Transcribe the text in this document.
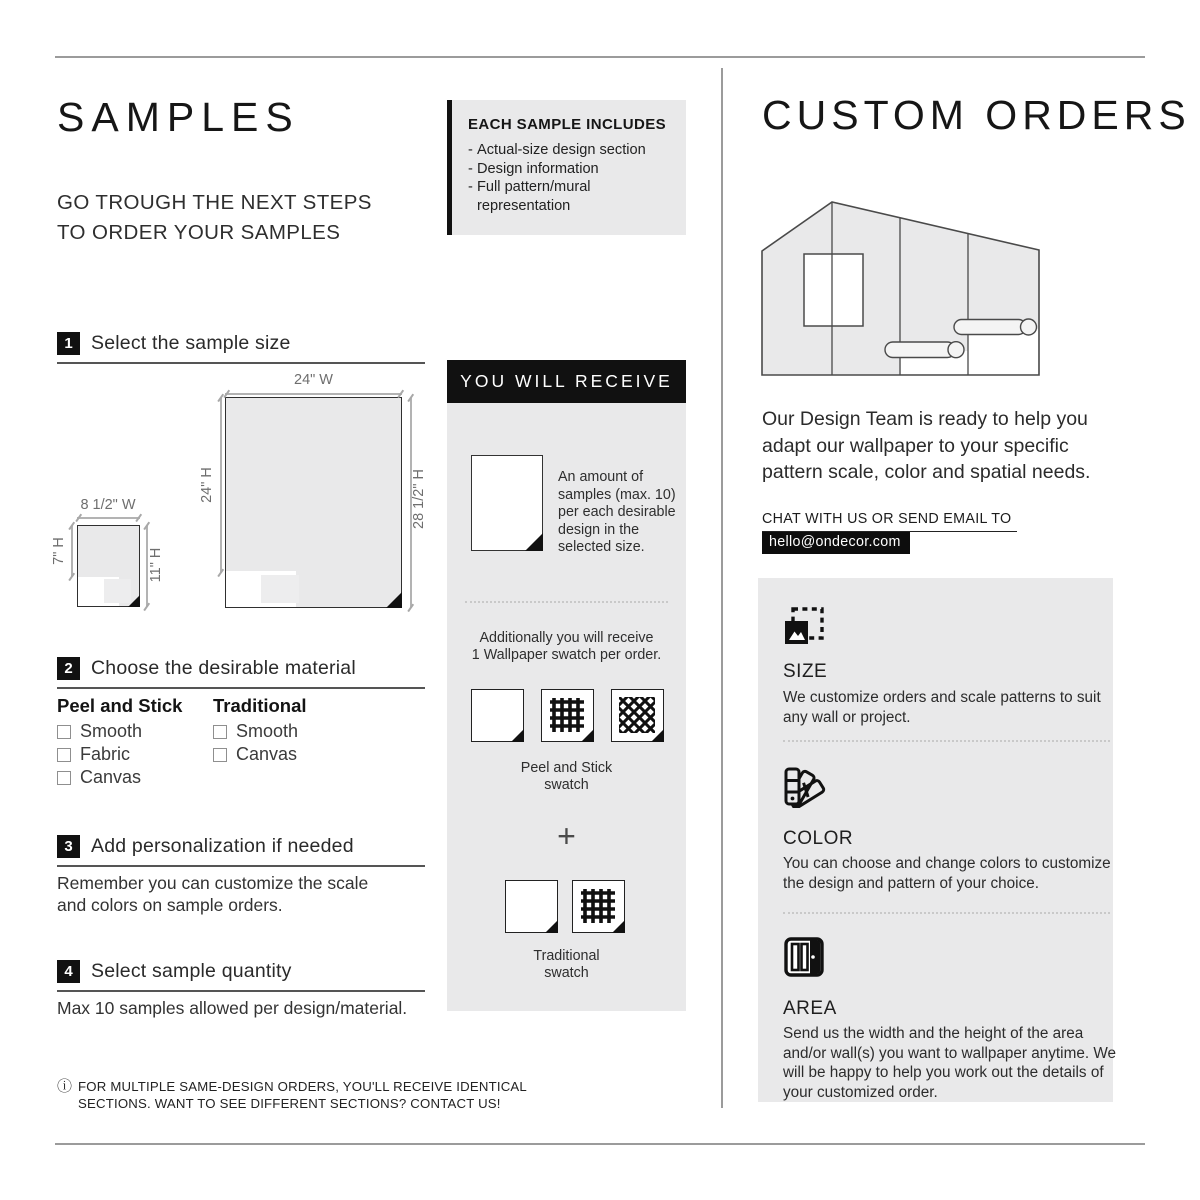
SAMPLES
GO TROUGH THE NEXT STEPS
TO ORDER YOUR SAMPLES
EACH SAMPLE INCLUDES
- Actual-size design section
- Design information
- Full pattern/mural representation
1 Select the sample size
24" W
24" H	28 1/2" H
8 1/2" W
7" H	11" H
2 Choose the desirable material
Peel and Stick Traditional
Smooth
Fabric
Canvas
Smooth
Canvas
3 Add personalization if needed
Remember you can customize the scale and colors on sample orders.
4 Select sample quantity
Max 10 samples allowed per design/material.
ⓘ FOR MULTIPLE SAME-DESIGN ORDERS, YOU'LL RECEIVE IDENTICAL
SECTIONS. WANT TO SEE DIFFERENT SECTIONS? CONTACT US!
YOU WILL RECEIVE
An amount of samples (max. 10) per each desirable design in the selected size.
Additionally you will receive
1 Wallpaper swatch per order.
Peel and Stick
swatch
+
Traditional
swatch
CUSTOM ORDERS
Our Design Team is ready to help you adapt our wallpaper to your specific pattern scale, color and spatial needs.
CHAT WITH US OR SEND EMAIL TO
hello@ondecor.com
SIZE
We customize orders and scale patterns to suit any wall or project.
COLOR
You can choose and change colors to customize the design and pattern of your choice.
AREA
Send us the width and the height of the area and/or wall(s) you want to wallpaper anytime. We will be happy to help you work out the details of your customized order.
